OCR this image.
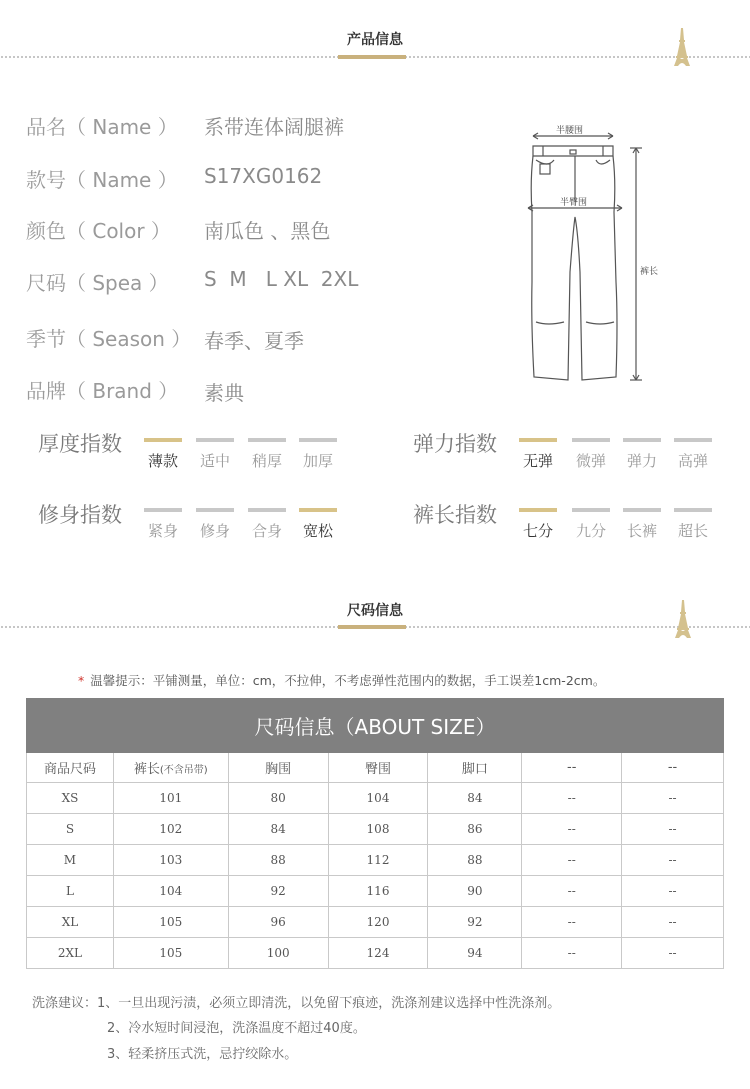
产品信息
品名（ Name ） 系带连体阔腿裤
款号（ Name ） S17XG0162
颜色（ Color ） 南瓜色 、黑色
尺码（ Spea ） S  M   L XL  2XL
季节（ Season ） 春季、夏季
品牌（ Brand ） 素典
半腰围
半臀围
裤长
厚度指数
薄款	适中	稍厚	加厚
弹力指数
无弹	微弹	弹力	高弹
修身指数
紧身	修身	合身	宽松
裤长指数
七分	九分	长裤	超长
尺码信息
* 温馨提示：平铺测量，单位：cm，不拉伸，不考虑弹性范围内的数据，手工误差1cm-2cm。
尺码信息（ABOUT SIZE）						
商品尺码	裤长(不含吊带)	胸围	臀围	脚口	--	--
XS	101	80	104	84	--	--
S	102	84	108	86	--	--
M	103	88	112	88	--	--
L	104	92	116	90	--	--
XL	105	96	120	92	--	--
2XL	105	100	124	94	--	--
洗涤建议：1、一旦出现污渍，必须立即清洗，以免留下痕迹，洗涤剂建议选择中性洗涤剂。
2、冷水短时间浸泡，洗涤温度不超过40度。
3、轻柔挤压式洗，忌拧绞除水。
